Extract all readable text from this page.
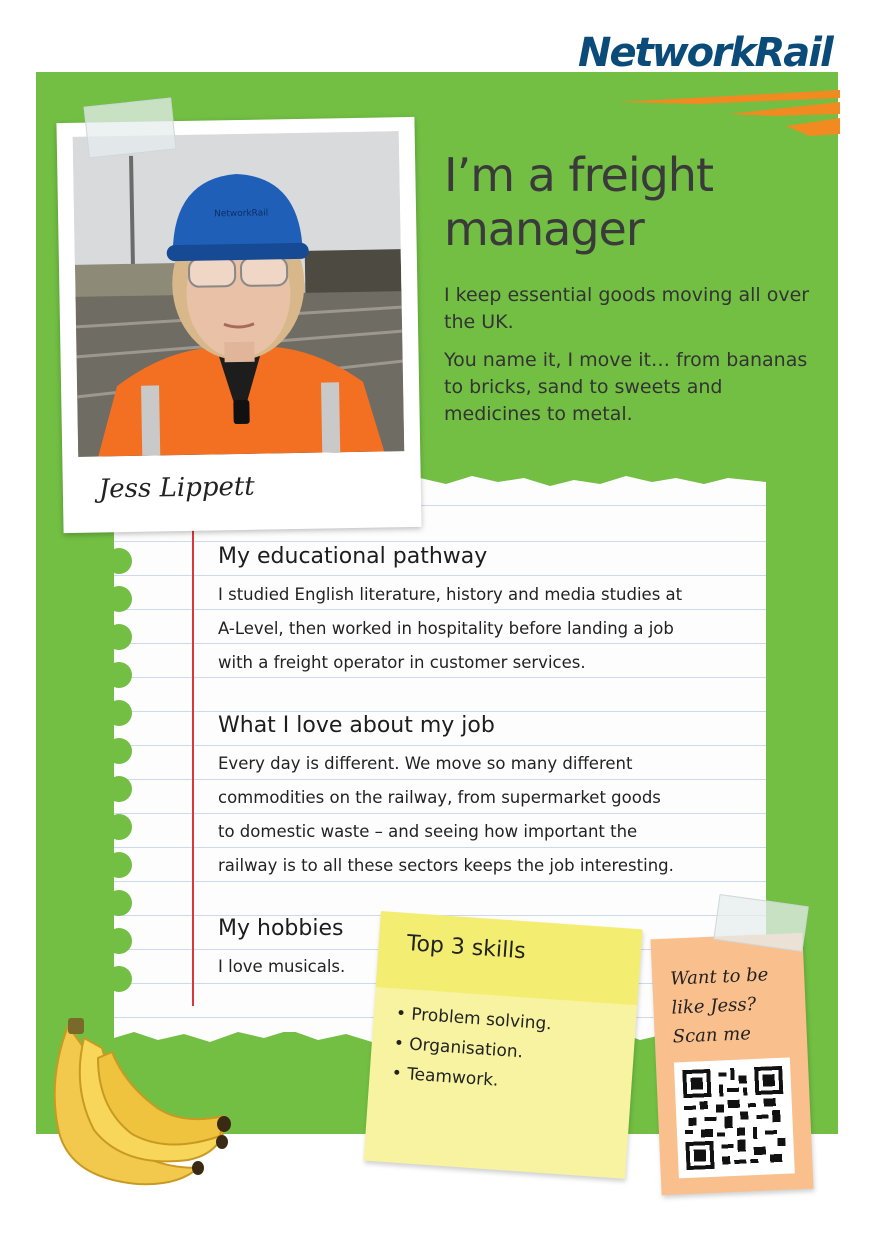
NetworkRail
I’m a freight
manager

I keep essential goods moving all over the UK.

You name it, I move it… from bananas to bricks, sand to sweets and medicines to metal.

My educational pathway
I studied English literature, history and media studies at
A-Level, then worked in hospitality before landing a job
with a freight operator in customer services.
What I love about my job
Every day is different. We move so many different
commodities on the railway, from supermarket goods
to domestic waste – and seeing how important the
railway is to all these sectors keeps the job interesting.
My hobbies
I love musicals.
NetworkRail
Jess Lippett
Top 3 skills
• Problem solving.
• Organisation.
• Teamwork.
Want to be
like Jess?
Scan me
